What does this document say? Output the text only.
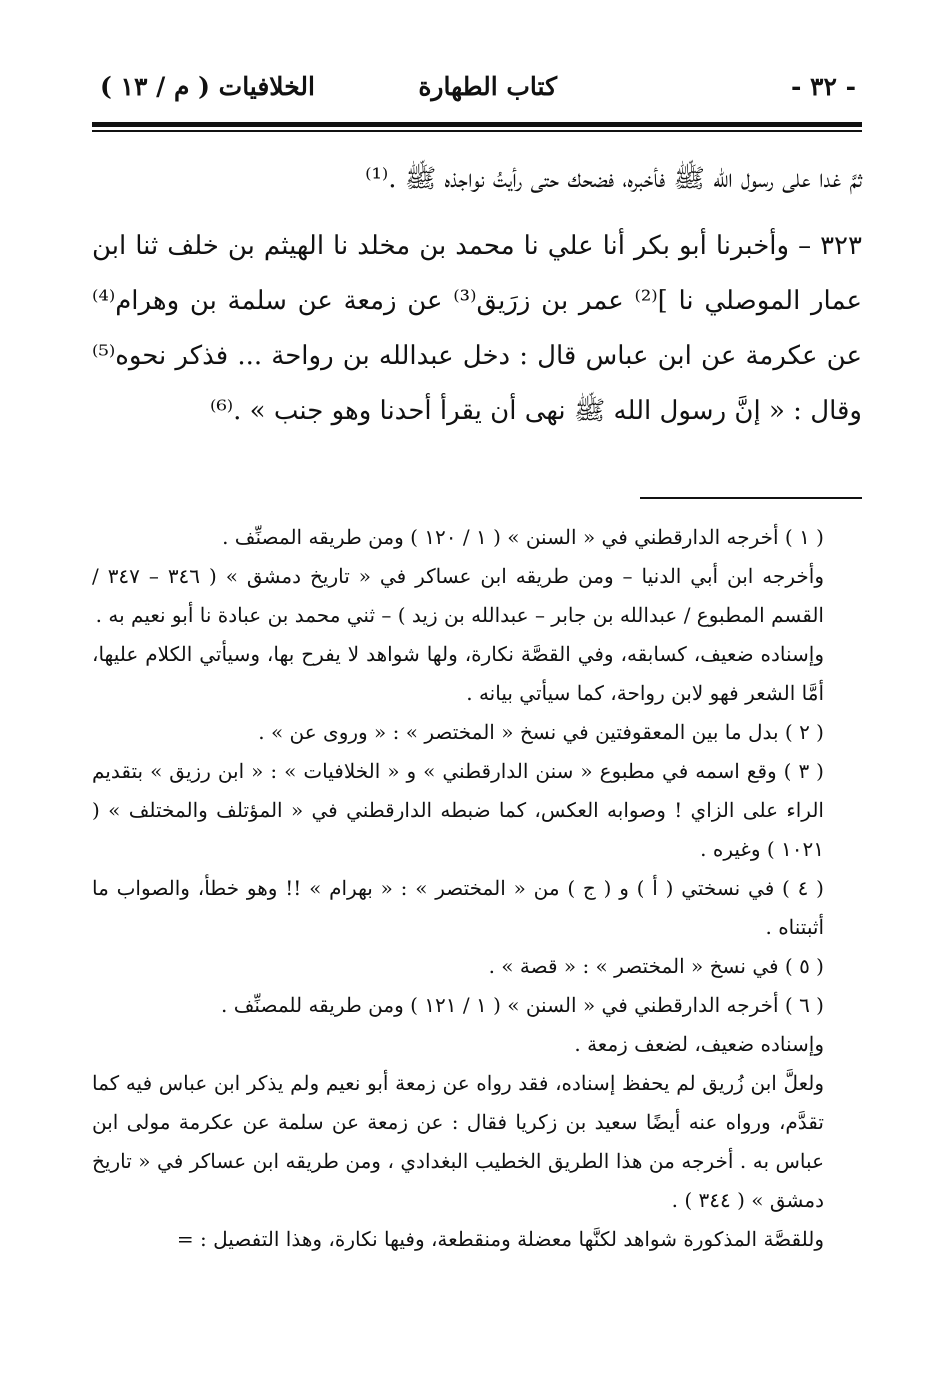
- ٣٢ -
كتاب الطهارة
الخلافيات ( م / ١٣ )

ثمَّ غدا على رسول الله ﷺ فأخبره، فضحك حتى رأيتُ نواجذه ﷺ .⁽¹⁾

٣٢٣ – وأخبرنا أبو بكر أنا علي نا محمد بن مخلد نا الهيثم بن خلف ثنا ابن عمار الموصلي نا ]⁽²⁾ عمر بن زرَيق⁽³⁾ عن زمعة عن سلمة بن وهرام⁽⁴⁾ عن عكرمة عن ابن عباس قال : دخل عبدالله بن رواحة ... فذكر نحوه⁽⁵⁾ وقال : « إنَّ رسول الله ﷺ نهى أن يقرأ أحدنا وهو جنب » .⁽⁶⁾

( ١ ) أخرجه الدارقطني في « السنن » ( ١ / ١٢٠ ) ومن طريقه المصنِّف .

وأخرجه ابن أبي الدنيا – ومن طريقه ابن عساكر في « تاريخ دمشق » ( ٣٤٦ – ٣٤٧ / القسم المطبوع / عبدالله بن جابر – عبدالله بن زيد ) – ثني محمد بن عبادة نا أبو نعيم به .

وإسناده ضعيف، كسابقه، وفي القصَّة نكارة، ولها شواهد لا يفرح بها، وسيأتي الكلام عليها، أمَّا الشعر فهو لابن رواحة، كما سيأتي بيانه .

( ٢ ) بدل ما بين المعقوفتين في نسخ « المختصر » : « وروى عن » .

( ٣ ) وقع اسمه في مطبوع « سنن الدارقطني » و « الخلافيات » : « ابن رزيق » بتقديم الراء على الزاي ! وصوابه العكس، كما ضبطه الدارقطني في « المؤتلف والمختلف » ( ١٠٢١ ) وغيره .

( ٤ ) في نسختي ( أ ) و ( ج ) من « المختصر » : « بهرام » !! وهو خطأ، والصواب ما أثبتناه .

( ٥ ) في نسخ « المختصر » : « قصة » .

( ٦ ) أخرجه الدارقطني في « السنن » ( ١ / ١٢١ ) ومن طريقه للمصنِّف .

وإسناده ضعيف، لضعف زمعة .

ولعلَّ ابن زُريق لم يحفظ إسناده، فقد رواه عن زمعة أبو نعيم ولم يذكر ابن عباس فيه كما تقدَّم، ورواه عنه أيضًا سعيد بن زكريا فقال : عن زمعة عن سلمة عن عكرمة مولى ابن عباس به . أخرجه من هذا الطريق الخطيب البغدادي ، ومن طريقه ابن عساكر في « تاريخ دمشق » ( ٣٤٤ ) .

وللقصَّة المذكورة شواهد لكنَّها معضلة ومنقطعة، وفيها نكارة، وهذا التفصيل : =
